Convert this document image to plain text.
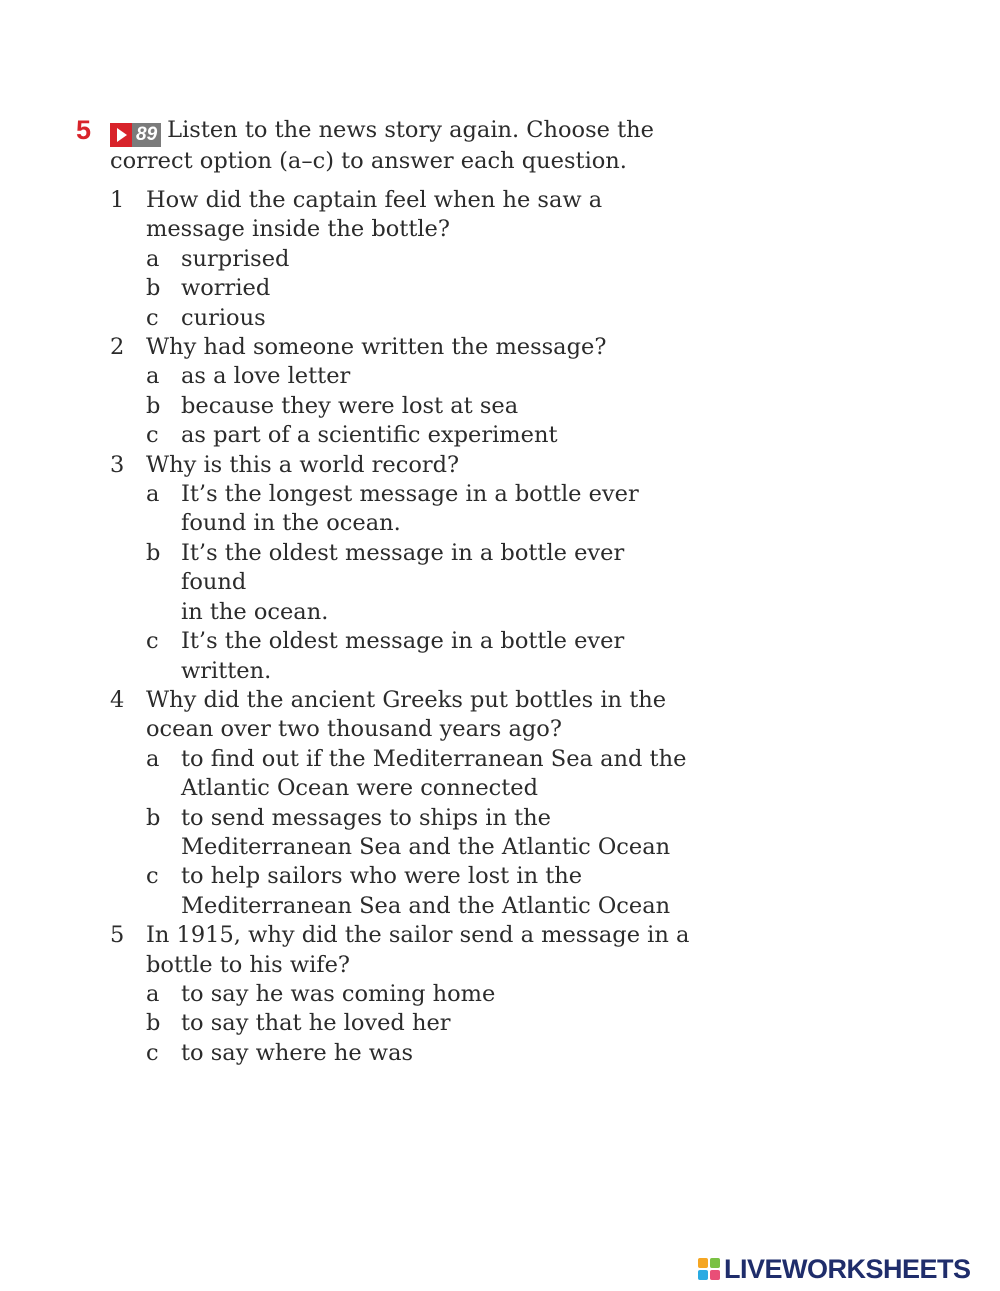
5 89 Listen to the news story again. Choose the
correct option (a–c) to answer each question.
1 How did the captain feel when he saw a
message inside the bottle?
a surprised
b worried
c curious
2 Why had someone written the message?
a as a love letter
b because they were lost at sea
c as part of a scientific experiment
3 Why is this a world record?
a It’s the longest message in a bottle ever
found in the ocean.
b It’s the oldest message in a bottle ever found
in the ocean.
c It’s the oldest message in a bottle ever
written.
4 Why did the ancient Greeks put bottles in the
ocean over two thousand years ago?
a to find out if the Mediterranean Sea and the
Atlantic Ocean were connected
b to send messages to ships in the
Mediterranean Sea and the Atlantic Ocean
c to help sailors who were lost in the
Mediterranean Sea and the Atlantic Ocean
5 In 1915, why did the sailor send a message in a
bottle to his wife?
a to say he was coming home
b to say that he loved her
c to say where he was
LIVEWORKSHEETS
